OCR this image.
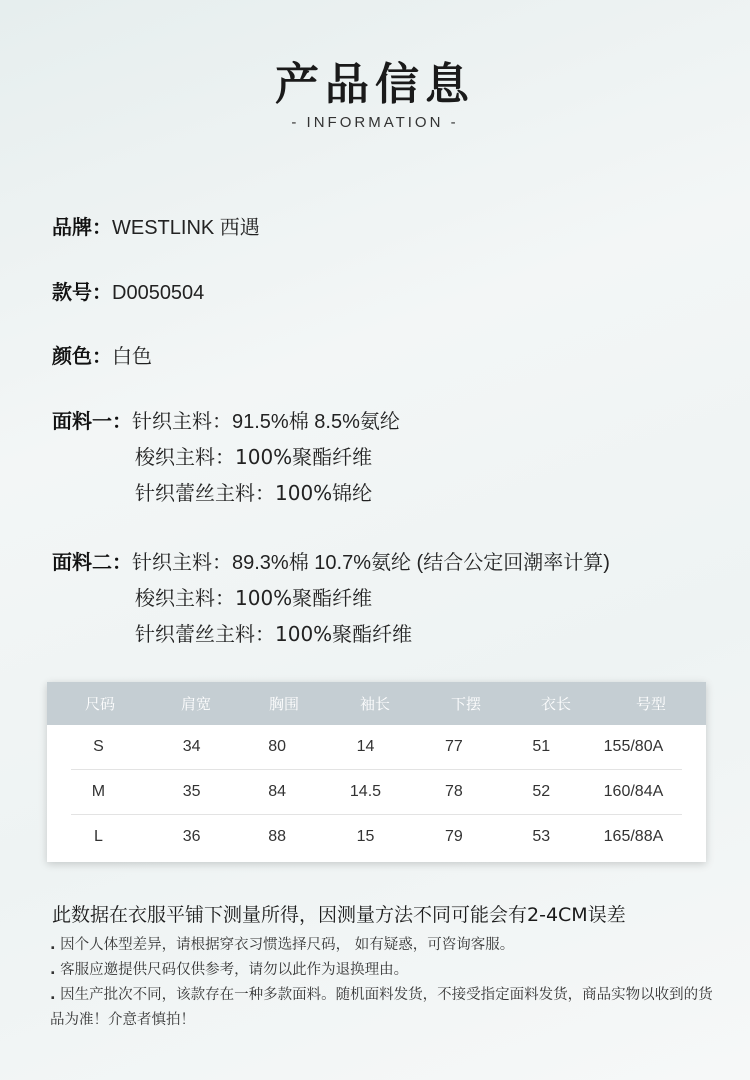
产品信息
- INFORMATION -
品牌：WESTLINK 西遇
款号：D0050504
颜色：白色
面料一：针织主料：91.5%棉 8.5%氨纶
梭织主料：100%聚酯纤维
针织蕾丝主料：100%锦纶
面料二：针织主料：89.3%棉 10.7%氨纶 (结合公定回潮率计算)
梭织主料：100%聚酯纤维
针织蕾丝主料：100%聚酯纤维
尺码	肩宽	胸围	袖长	下摆	衣长	号型
S	34	80	14	77	51	155/80A
M	35	84	14.5	78	52	160/84A
L	36	88	15	79	53	165/88A
此数据在衣服平铺下测量所得，因测量方法不同可能会有2-4CM误差
. 因个人体型差异，请根据穿衣习惯选择尺码， 如有疑惑，可咨询客服。
. 客服应邀提供尺码仅供参考，请勿以此作为退换理由。
. 因生产批次不同，该款存在一种多款面料。随机面料发货，不接受指定面料发货，商品实物以收到的货品为准！介意者慎拍！
